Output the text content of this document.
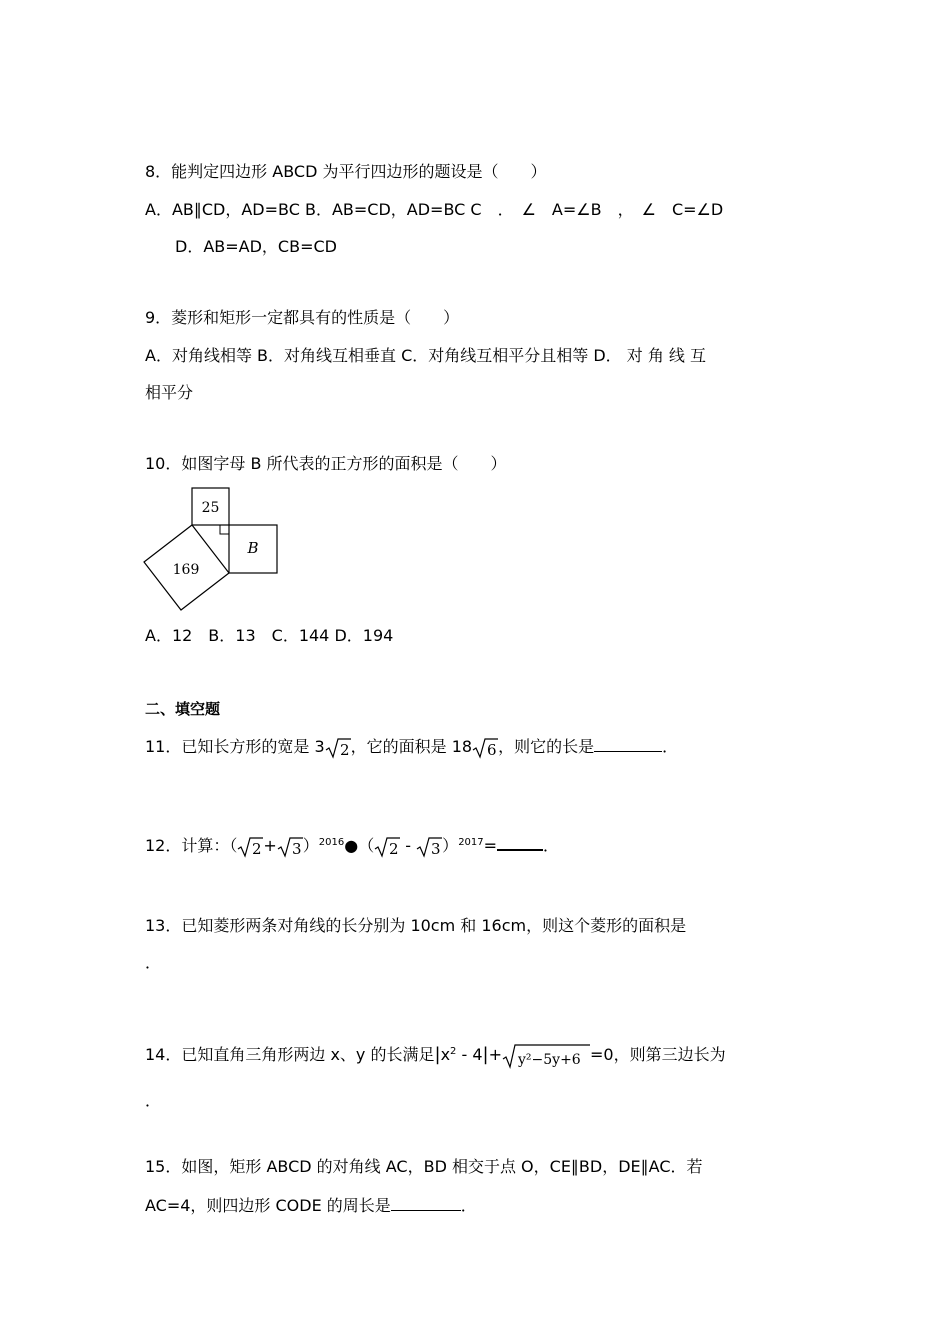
8．能判定四边形 ABCD 为平行四边形的题设是（　　）
A．AB∥CD，AD=BC B．AB=CD，AD=BC C　．　∠　A=∠B　，　∠　C=∠D
D．AB=AD，CB=CD
9．菱形和矩形一定都具有的性质是（　　）
A．对角线相等 B．对角线互相垂直 C．对角线互相平分且相等 D． 对 角 线 互
相平分
10．如图字母 B 所代表的正方形的面积是（　　）
25
169
B
A．12　B．13　C．144 D．194
二、填空题
11．已知长方形的宽是 3 2 ，它的面积是 18 6 ，则它的长是	．
12．计算：（ 2 + 3 ）$^{2016}$●（ 2 - 3 ）$^{2017}$=	．
13．已知菱形两条对角线的长分别为 10cm 和 16cm，则这个菱形的面积是
．
14．已知直角三角形两边 x、y 的长满足$|x^2 - 4|+ y^2-5y+6 =0$，则第三边长为
．
15．如图，矩形 ABCD 的对角线 AC，BD 相交于点 O，CE∥BD，DE∥AC．若
AC=4，则四边形 CODE 的周长是	．
